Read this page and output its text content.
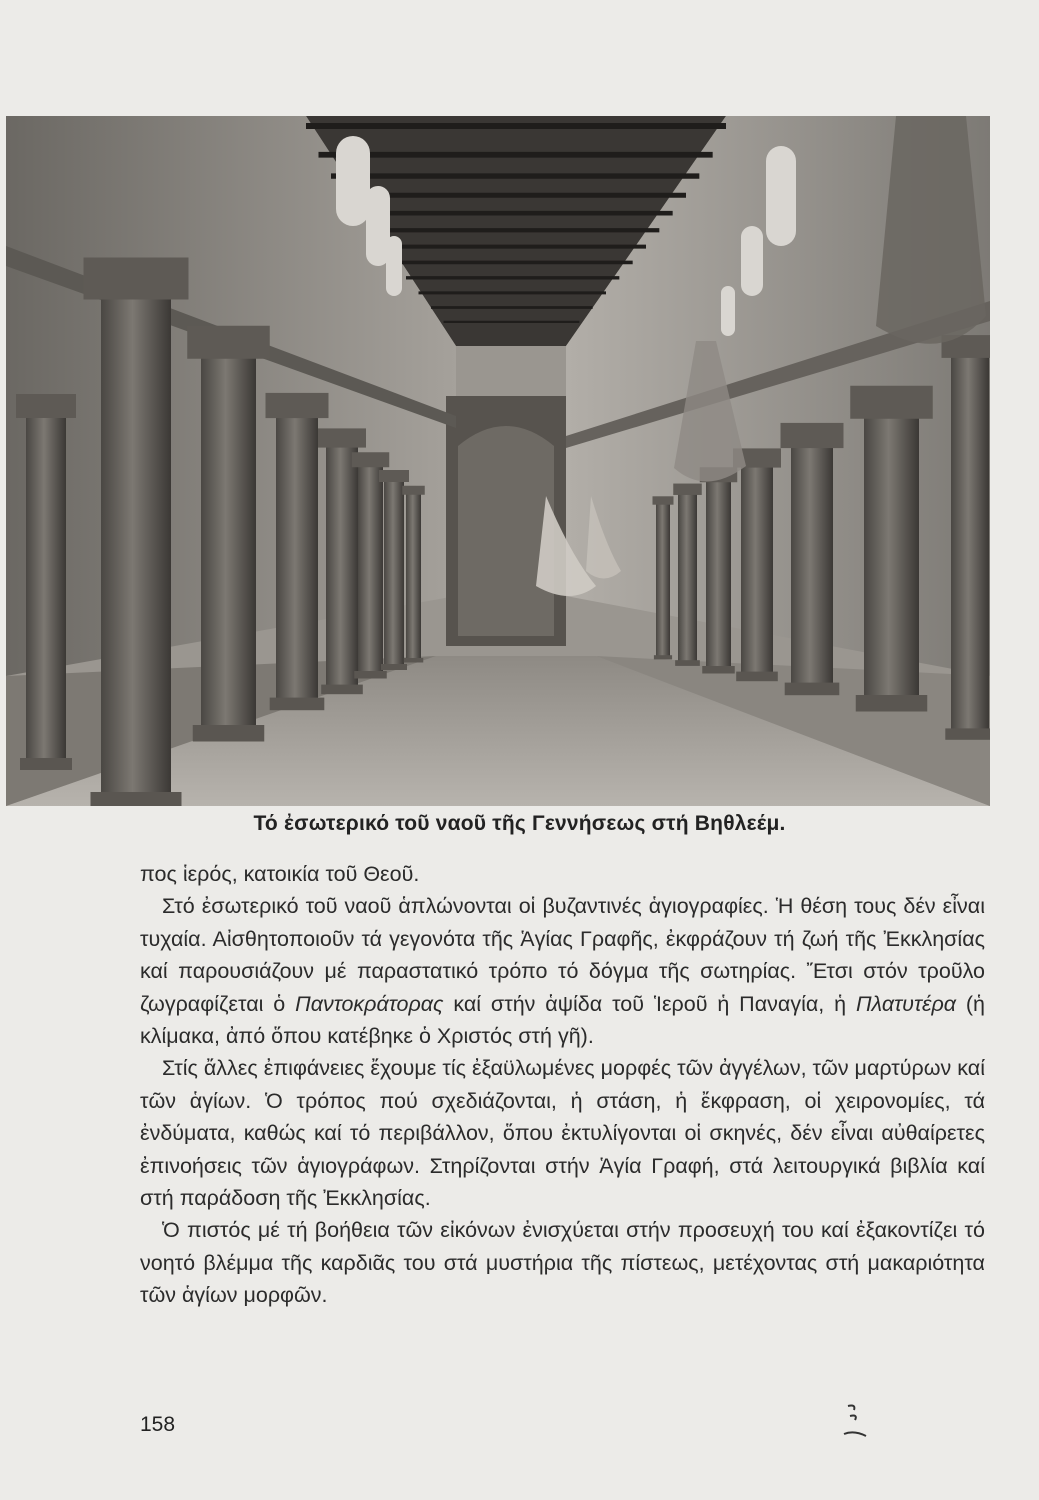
Τό ἐσωτερικό τοῦ ναοῦ τῆς Γεννήσεως στή Βηθλεέμ.

πος ἱερός, κατοικία τοῦ Θεοῦ.

Στό ἐσωτερικό τοῦ ναοῦ ἁπλώνονται οἱ βυζαντινές ἁγιογραφίες. Ἡ θέση τους δέν εἶναι τυχαία. Αἰσθητοποιοῦν τά γεγονότα τῆς Ἁγίας Γραφῆς, ἐκφράζουν τή ζωή τῆς Ἐκκλησίας καί παρουσιάζουν μέ παραστατικό τρόπο τό δόγμα τῆς σωτηρίας. Ἔτσι στόν τροῦλο ζωγραφίζεται ὁ Παντοκράτορας καί στήν ἁψίδα τοῦ Ἱεροῦ ἡ Παναγία, ἡ Πλατυτέρα (ἡ κλίμακα, ἀπό ὅπου κατέβηκε ὁ Χριστός στή γῆ).

Στίς ἄλλες ἐπιφάνειες ἔχουμε τίς ἐξαϋλωμένες μορφές τῶν ἀγγέλων, τῶν μαρτύρων καί τῶν ἁγίων. Ὁ τρόπος πού σχεδιάζονται, ἡ στάση, ἡ ἔκφραση, οἱ χειρονομίες, τά ἐνδύματα, καθώς καί τό περιβάλλον, ὅπου ἐκτυλίγονται οἱ σκηνές, δέν εἶναι αὐθαίρετες ἐπινοήσεις τῶν ἁγιογράφων. Στηρίζονται στήν Ἁγία Γραφή, στά λειτουργικά βιβλία καί στή παράδοση τῆς Ἐκκλησίας.

Ὁ πιστός μέ τή βοήθεια τῶν εἰκόνων ἐνισχύεται στήν προσευχή του καί ἐξακοντίζει τό νοητό βλέμμα τῆς καρδιᾶς του στά μυστήρια τῆς πίστεως, μετέχοντας στή μακαριότητα τῶν ἁγίων μορφῶν.

158
